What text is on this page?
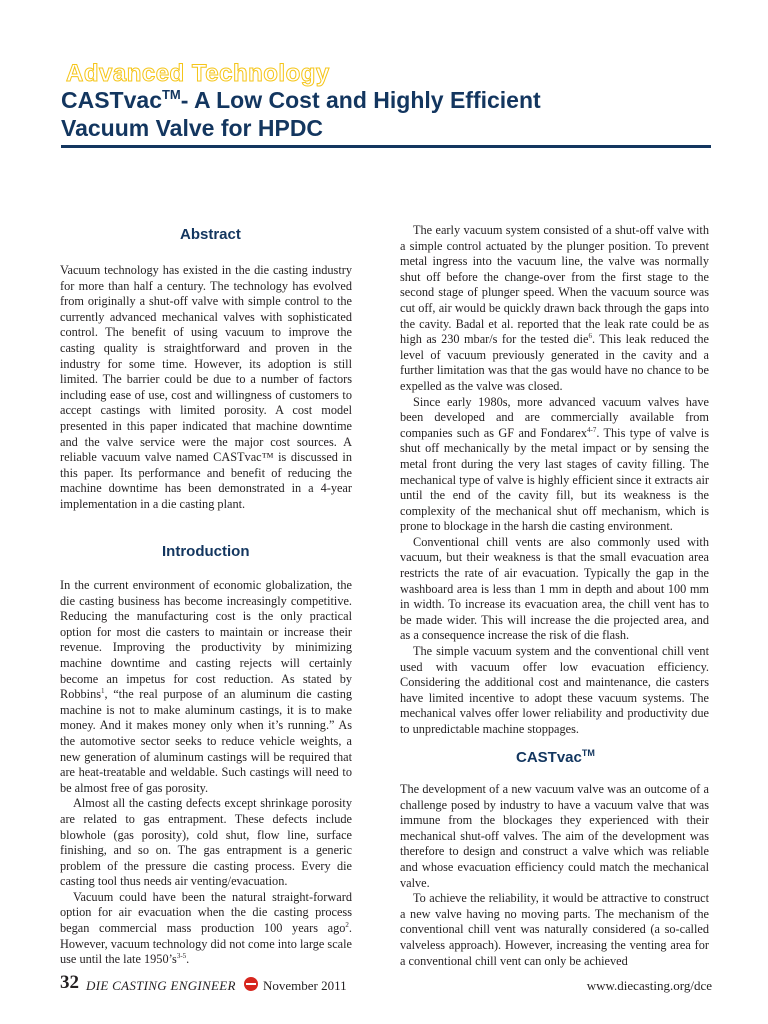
Advanced Technology
CASTvac™- A Low Cost and Highly Efficient
Vacuum Valve for HPDC
Abstract

Vacuum technology has existed in the die casting industry for more than half a century. The technology has evolved from originally a shut-off valve with simple control to the currently advanced mechanical valves with sophisticated control. The benefit of using vacuum to improve the casting quality is straightforward and proven in the industry for some time. However, its adoption is still limited. The barrier could be due to a number of factors including ease of use, cost and willingness of customers to accept castings with limited porosity. A cost model presented in this paper indicated that machine downtime and the valve service were the major cost sources. A reliable vacuum valve named CASTvac™ is discussed in this paper. Its performance and benefit of reducing the machine downtime has been demonstrated in a 4-year implementation in a die casting plant.

Introduction

In the current environment of economic globalization, the die casting business has become increasingly competitive. Reducing the manufacturing cost is the only practical option for most die casters to maintain or increase their revenue. Improving the productivity by minimizing machine downtime and casting rejects will certainly become an impetus for cost reduction. As stated by Robbins$^1$, “the real purpose of an aluminum die casting machine is not to make aluminum castings, it is to make money. And it makes money only when it’s running.” As the automotive sector seeks to reduce vehicle weights, a new generation of aluminum castings will be required that are heat-treatable and weldable. Such castings will need to be almost free of gas porosity.

Almost all the casting defects except shrinkage porosity are related to gas entrapment. These defects include blowhole (gas porosity), cold shut, flow line, surface finishing, and so on. The gas entrapment is a generic problem of the pressure die casting process. Every die casting tool thus needs air venting/evacuation.

Vacuum could have been the natural straight-forward option for air evacuation when the die casting process began commercial mass production 100 years ago$^2$. However, vacuum technology did not come into large scale use until the late $1950’s^{3-5}$.

The early vacuum system consisted of a shut-off valve with a simple control actuated by the plunger position. To prevent metal ingress into the vacuum line, the valve was normally shut off before the change-over from the first stage to the second stage of plunger speed. When the vacuum source was cut off, air would be quickly drawn back through the gaps into the cavity. Badal et al. reported that the leak rate could be as high as 230 mbar/s for the tested die$^6$. This leak reduced the level of vacuum previously generated in the cavity and a further limitation was that the gas would have no chance to be expelled as the valve was closed.

Since early 1980s, more advanced vacuum valves have been developed and are commercially available from companies such as GF and Fondarex$^{4-7}$. This type of valve is shut off mechanically by the metal impact or by sensing the metal front during the very last stages of cavity filling. The mechanical type of valve is highly efficient since it extracts air until the end of the cavity fill, but its weakness is the complexity of the mechanical shut off mechanism, which is prone to blockage in the harsh die casting environment.

Conventional chill vents are also commonly used with vacuum, but their weakness is that the small evacuation area restricts the rate of air evacuation. Typically the gap in the washboard area is less than 1 mm in depth and about 100 mm in width. To increase its evacuation area, the chill vent has to be made wider. This will increase the die projected area, and as a consequence increase the risk of die flash.

The simple vacuum system and the conventional chill vent used with vacuum offer low evacuation efficiency. Considering the additional cost and maintenance, die casters have limited incentive to adopt these vacuum systems. The mechanical valves offer lower reliability and productivity due to unpredictable machine stoppages.

CASTvac™

The development of a new vacuum valve was an outcome of a challenge posed by industry to have a vacuum valve that was immune from the blockages they experienced with their mechanical shut-off valves. The aim of the development was therefore to design and construct a valve which was reliable and whose evacuation efficiency could match the mechanical valve.

To achieve the reliability, it would be attractive to construct a new valve having no moving parts. The mechanism of the conventional chill vent was naturally considered (a so-called valveless approach). However, increasing the venting area for a conventional chill vent can only be achieved

32 DIE CASTING ENGINEER November 2011	www.diecasting.org/dce
